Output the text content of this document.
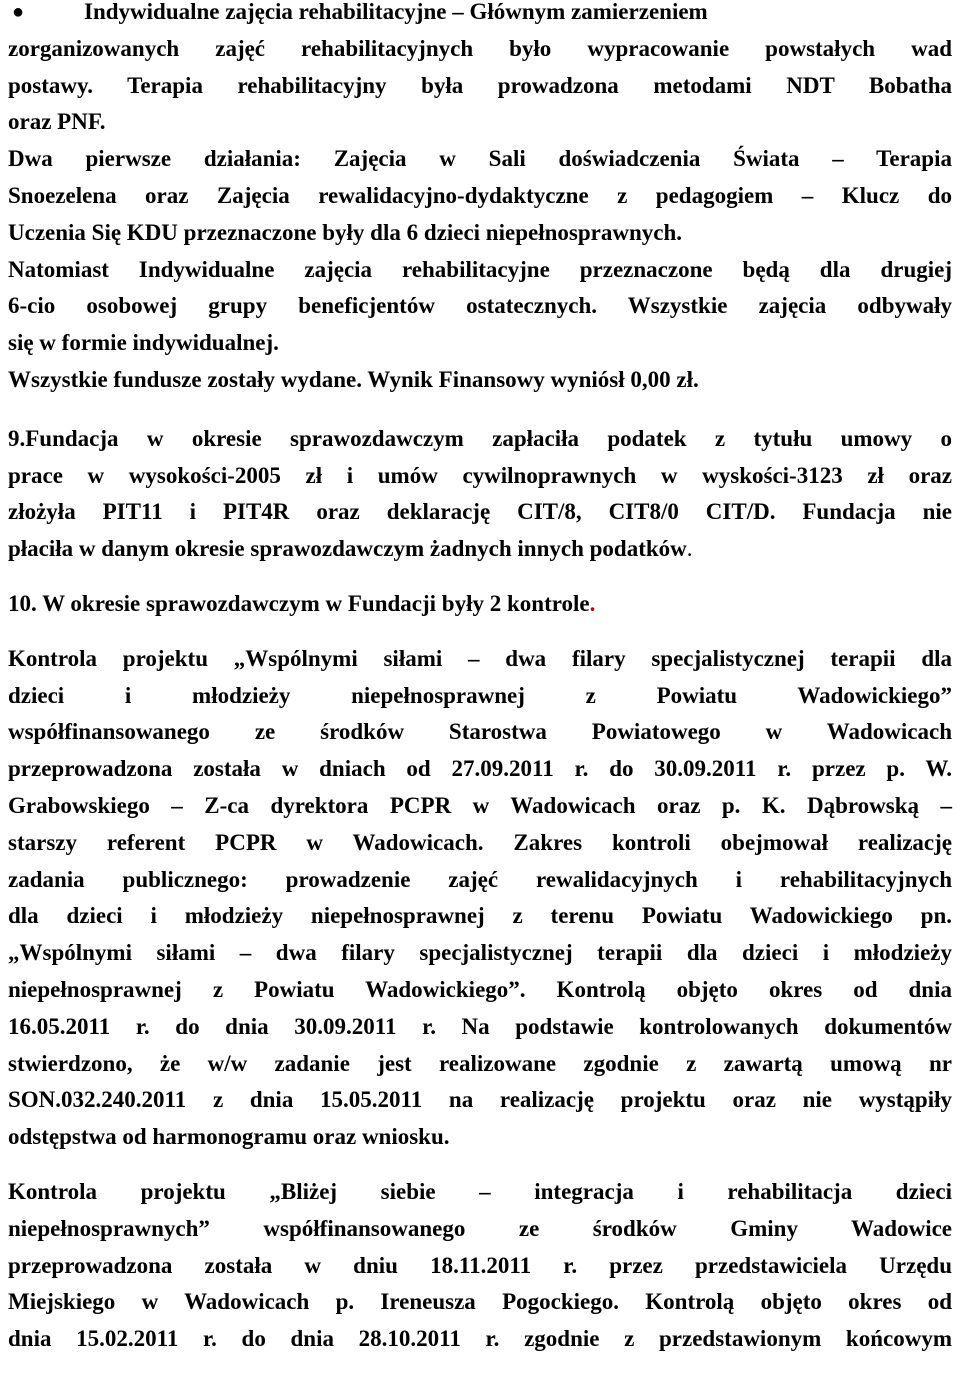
●	Indywidualne zajęcia rehabilitacyjne – Głównym zamierzeniem
zorganizowanych zajęć rehabilitacyjnych było wypracowanie powstałych wad
postawy. Terapia rehabilitacyjny była prowadzona metodami NDT Bobatha
oraz PNF.
Dwa pierwsze działania: Zajęcia w Sali doświadczenia Świata – Terapia
Snoezelena oraz Zajęcia rewalidacyjno-dydaktyczne z pedagogiem – Klucz do
Uczenia Się KDU przeznaczone były dla 6 dzieci niepełnosprawnych.
Natomiast Indywidualne zajęcia rehabilitacyjne przeznaczone będą dla drugiej
6-cio osobowej grupy beneficjentów ostatecznych. Wszystkie zajęcia odbywały
się w formie indywidualnej.
Wszystkie fundusze zostały wydane. Wynik Finansowy wyniósł 0,00 zł.
9.Fundacja w okresie sprawozdawczym zapłaciła podatek z tytułu umowy o
prace w wysokości-2005 zł i umów cywilnoprawnych w wyskości-3123 zł oraz
złożyła PIT11 i PIT4R oraz deklarację CIT/8, CIT8/0 CIT/D. Fundacja nie
płaciła w danym okresie sprawozdawczym żadnych innych podatków.
10. W okresie sprawozdawczym w Fundacji były 2 kontrole.
Kontrola projektu „Wspólnymi siłami – dwa filary specjalistycznej terapii dla
dzieci i młodzieży niepełnosprawnej z Powiatu Wadowickiego”
współfinansowanego ze środków Starostwa Powiatowego w Wadowicach
przeprowadzona została w dniach od 27.09.2011 r. do 30.09.2011 r. przez p. W.
Grabowskiego – Z-ca dyrektora PCPR w Wadowicach oraz p. K. Dąbrowską –
starszy referent PCPR w Wadowicach. Zakres kontroli obejmował realizację
zadania publicznego: prowadzenie zajęć rewalidacyjnych i rehabilitacyjnych
dla dzieci i młodzieży niepełnosprawnej z terenu Powiatu Wadowickiego pn.
„Wspólnymi siłami – dwa filary specjalistycznej terapii dla dzieci i młodzieży
niepełnosprawnej z Powiatu Wadowickiego”. Kontrolą objęto okres od dnia
16.05.2011 r. do dnia 30.09.2011 r. Na podstawie kontrolowanych dokumentów
stwierdzono, że w/w zadanie jest realizowane zgodnie z zawartą umową nr
SON.032.240.2011 z dnia 15.05.2011 na realizację projektu oraz nie wystąpiły
odstępstwa od harmonogramu oraz wniosku.
Kontrola projektu „Bliżej siebie – integracja i rehabilitacja dzieci
niepełnosprawnych” współfinansowanego ze środków Gminy Wadowice
przeprowadzona została w dniu 18.11.2011 r. przez przedstawiciela Urzędu
Miejskiego w Wadowicach p. Ireneusza Pogockiego. Kontrolą objęto okres od
dnia 15.02.2011 r. do dnia 28.10.2011 r. zgodnie z przedstawionym końcowym
